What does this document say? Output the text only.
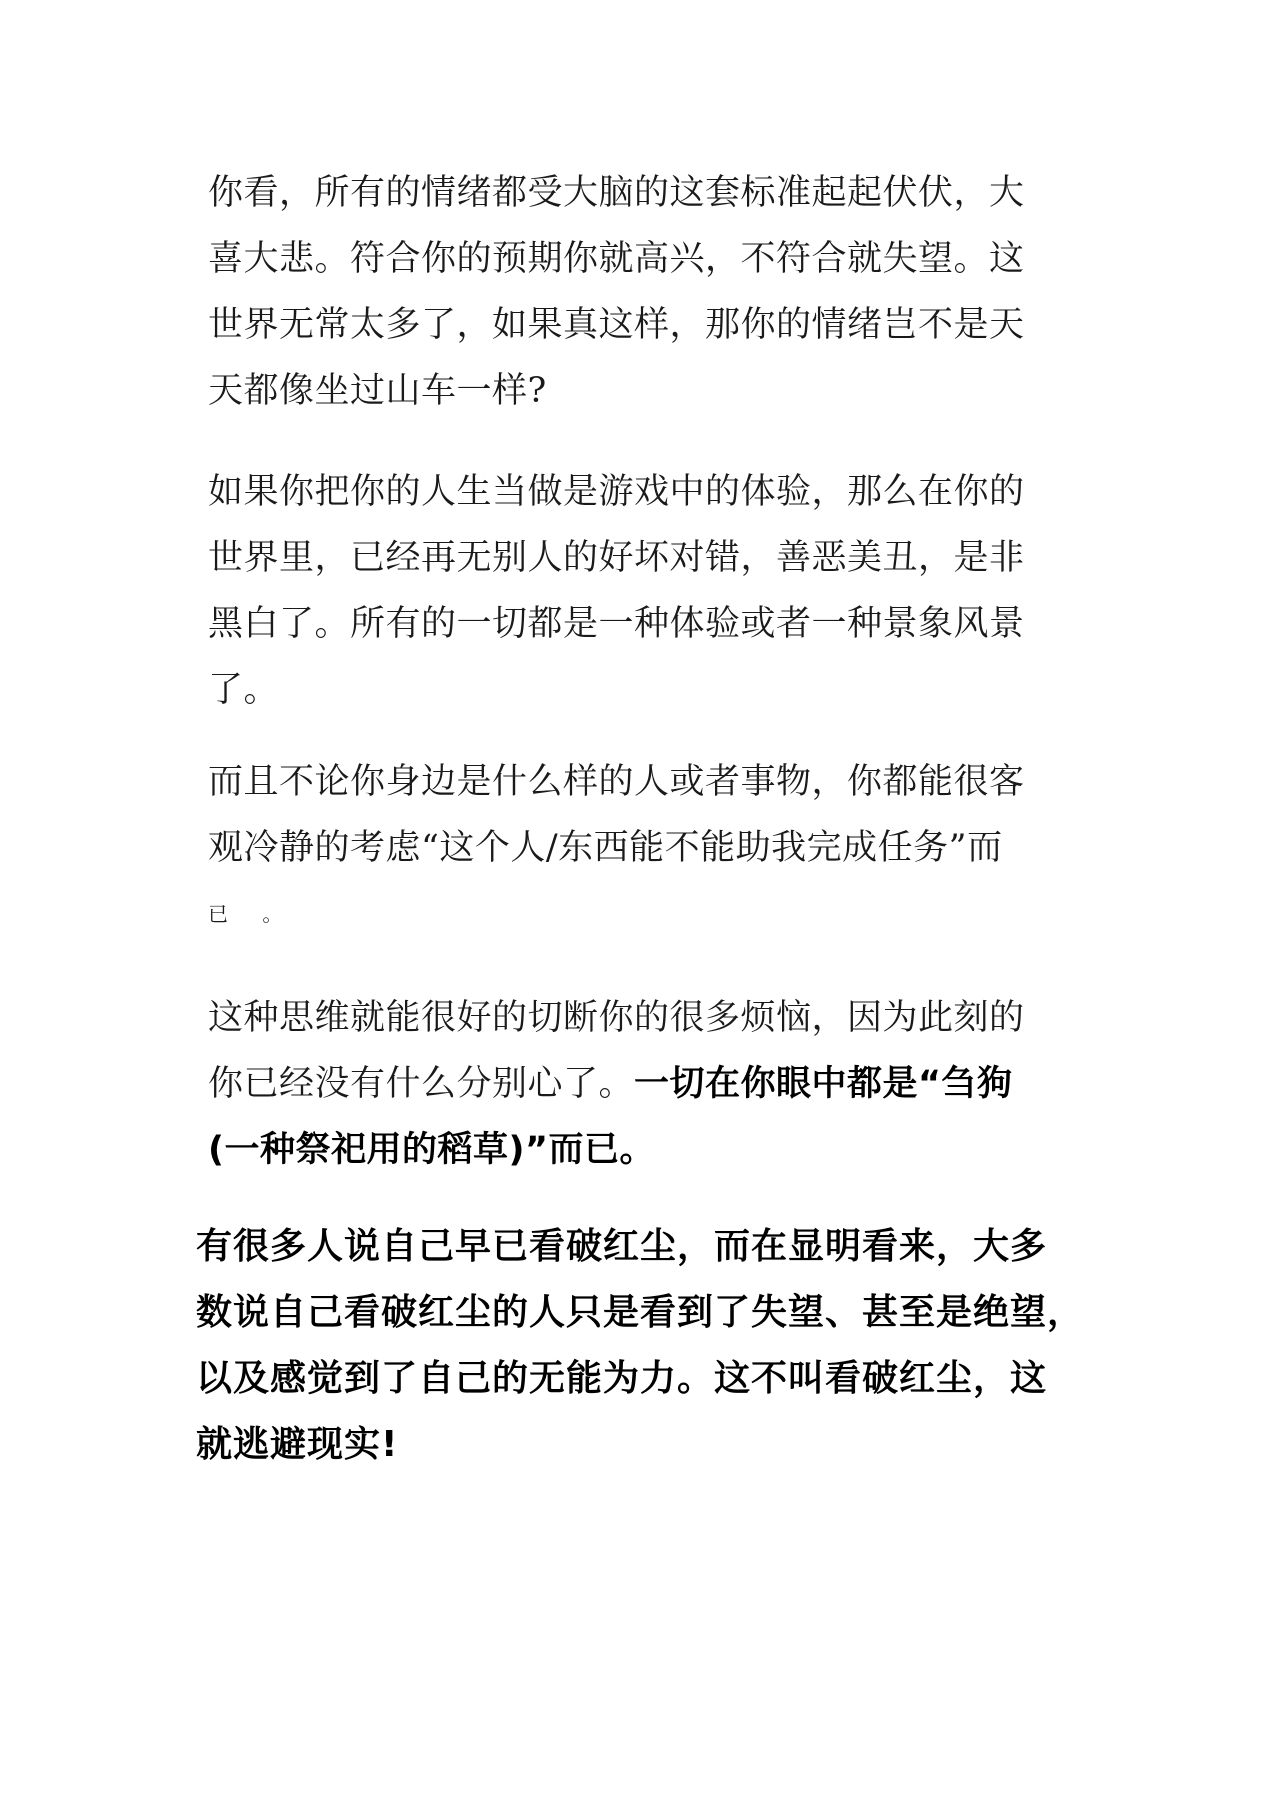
你看，所有的情绪都受大脑的这套标准起起伏伏，大
喜大悲。符合你的预期你就高兴，不符合就失望。这
世界无常太多了，如果真这样，那你的情绪岂不是天
天都像坐过山车一样?

如果你把你的人生当做是游戏中的体验，那么在你的
世界里，已经再无别人的好坏对错，善恶美丑，是非
黑白了。所有的一切都是一种体验或者一种景象风景
了。

而且不论你身边是什么样的人或者事物，你都能很客
观冷静的考虑“这个人/东西能不能助我完成任务”而
已 。

这种思维就能很好的切断你的很多烦恼，因为此刻的
你已经没有什么分别心了。一切在你眼中都是“刍狗
(一种祭祀用的稻草)”而已。

有很多人说自己早已看破红尘，而在显明看来，大多
数说自己看破红尘的人只是看到了失望、甚至是绝望，
以及感觉到了自己的无能为力。这不叫看破红尘，这
就逃避现实!
